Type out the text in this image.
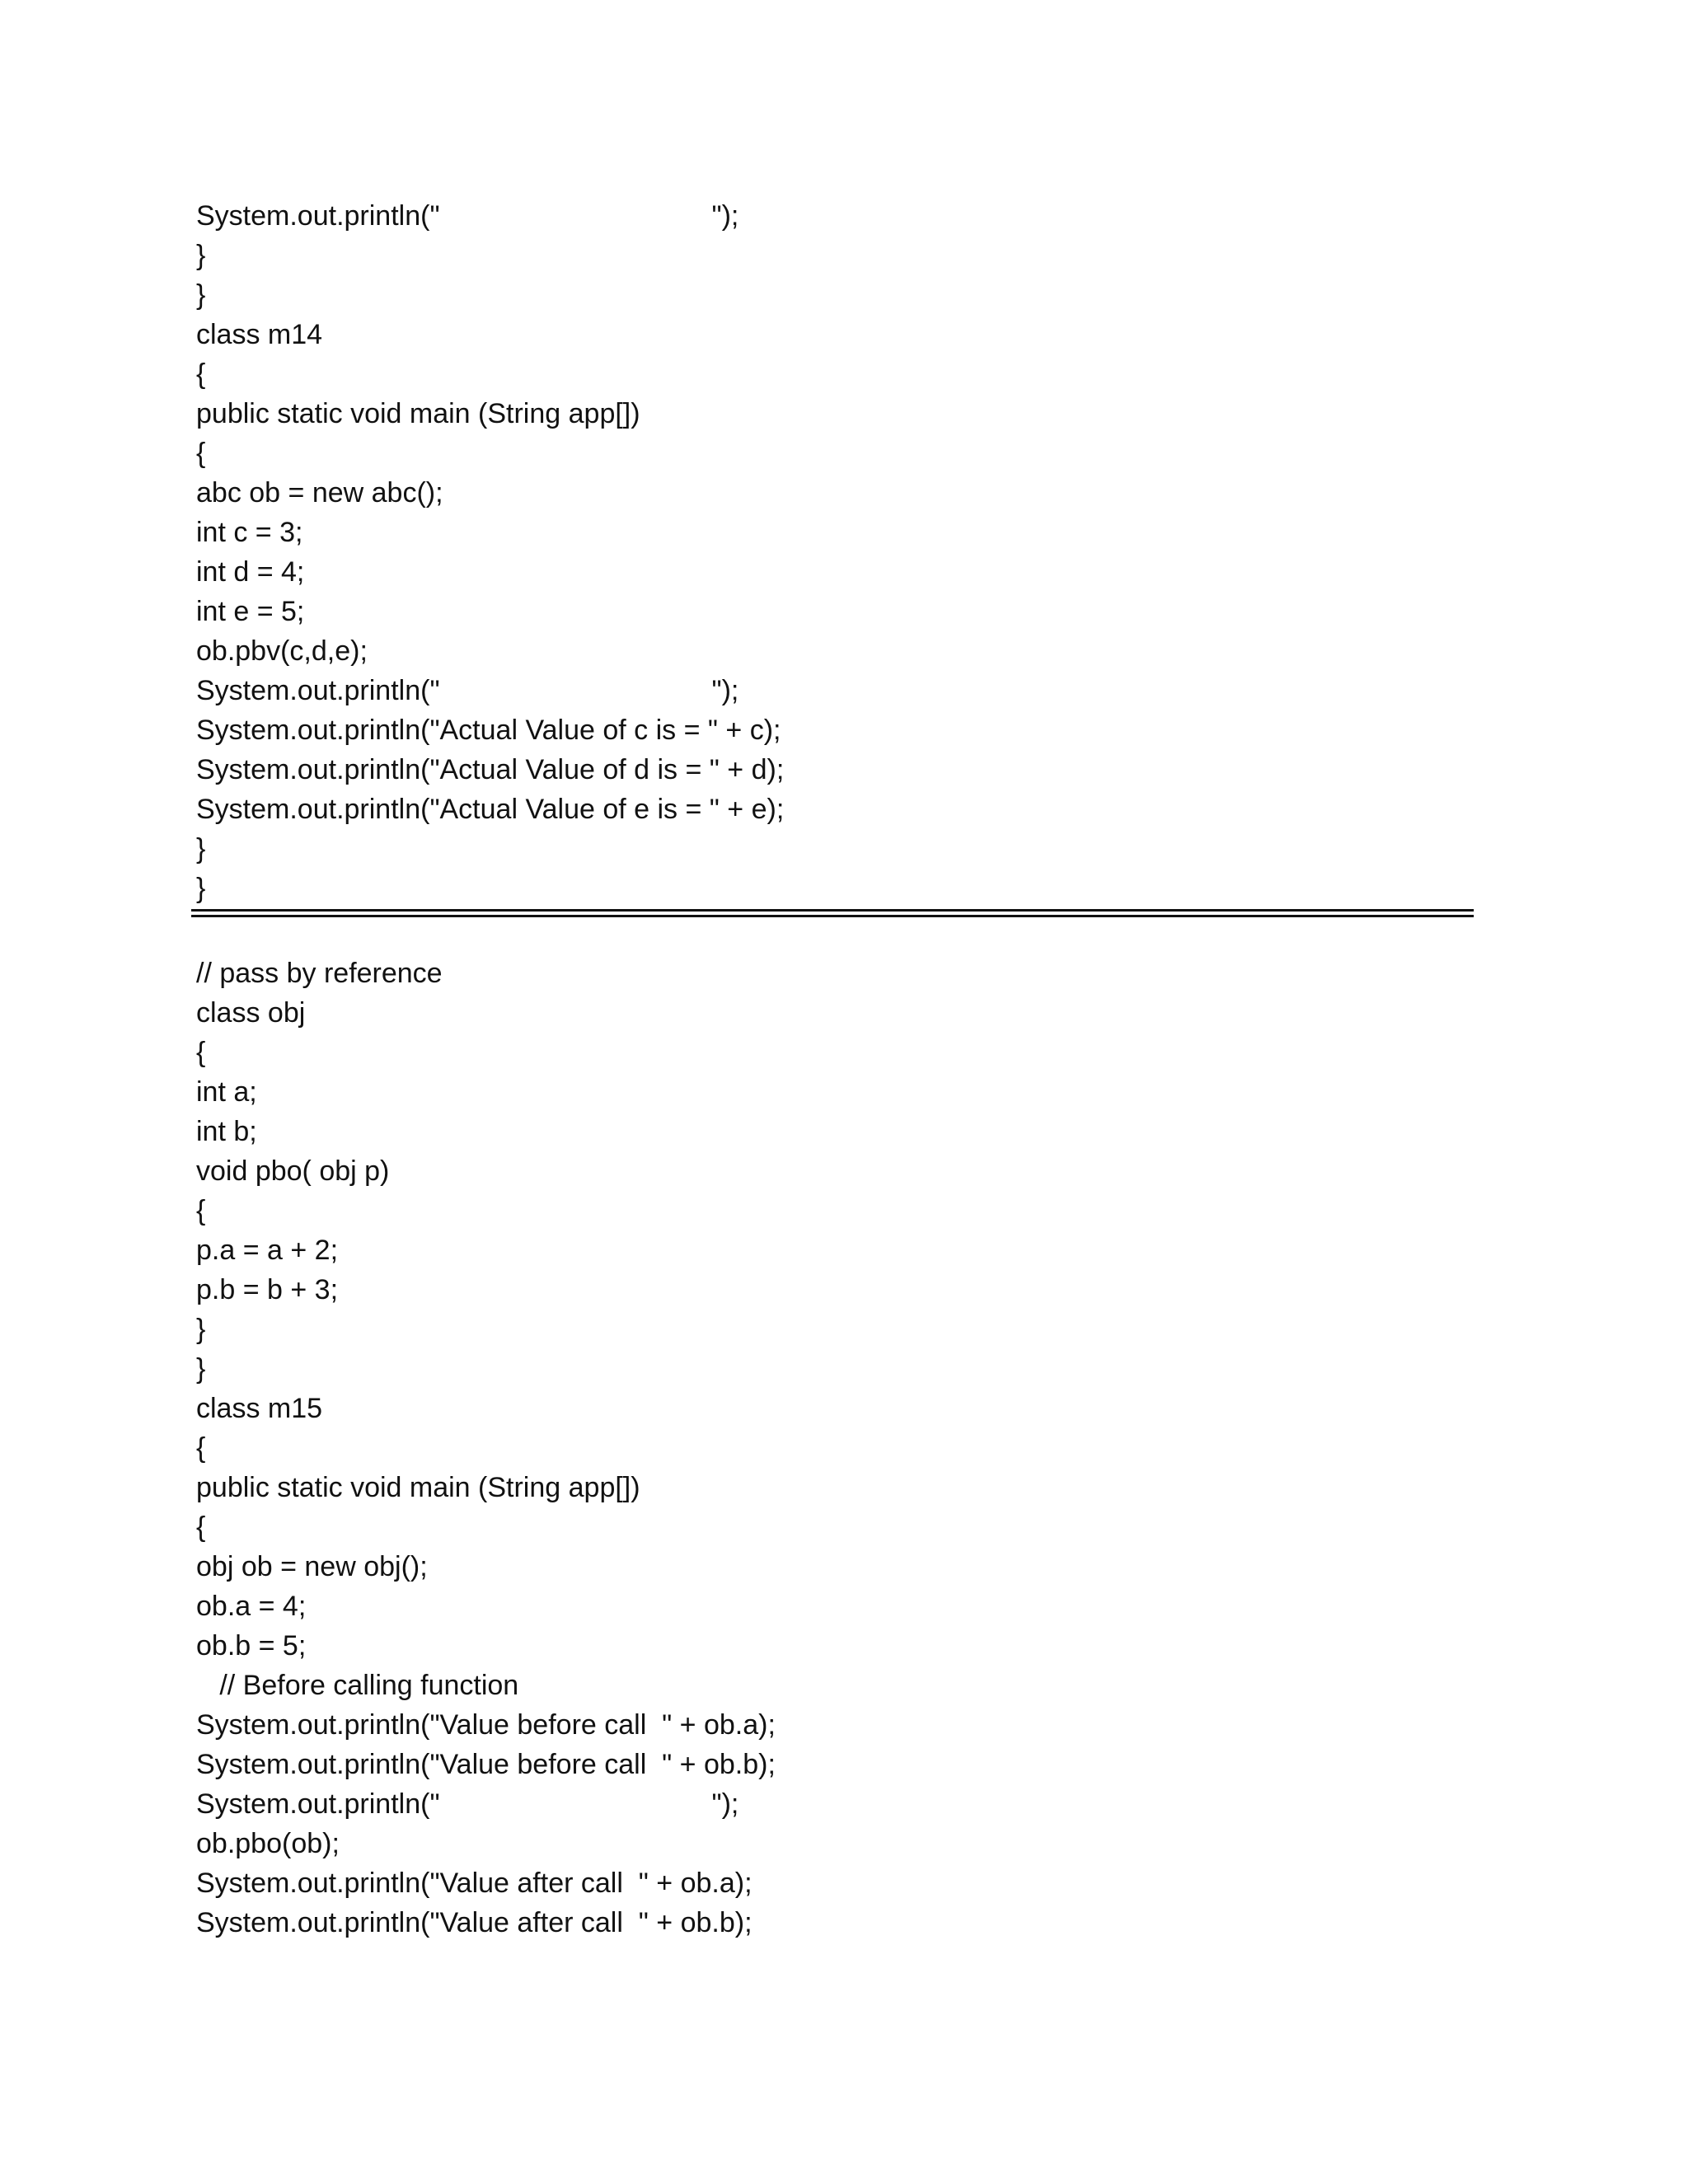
System.out.println("	");
}
}
class m14
{
public static void main (String app[])
{
abc ob = new abc();
int c = 3;
int d = 4;
int e = 5;
ob.pbv(c,d,e);
System.out.println("	");
System.out.println("Actual Value of c is = " + c);
System.out.println("Actual Value of d is = " + d);
System.out.println("Actual Value of e is = " + e);
}
}
// pass by reference
class obj
{
int a;
int b;
void pbo( obj p)
{
p.a = a + 2;
p.b = b + 3;
}
}
class m15
{
public static void main (String app[])
{
obj ob = new obj();
ob.a = 4;
ob.b = 5;
// Before calling function
System.out.println("Value before call  " + ob.a);
System.out.println("Value before call  " + ob.b);
System.out.println("	");
ob.pbo(ob);
System.out.println("Value after call  " + ob.a);
System.out.println("Value after call  " + ob.b);
